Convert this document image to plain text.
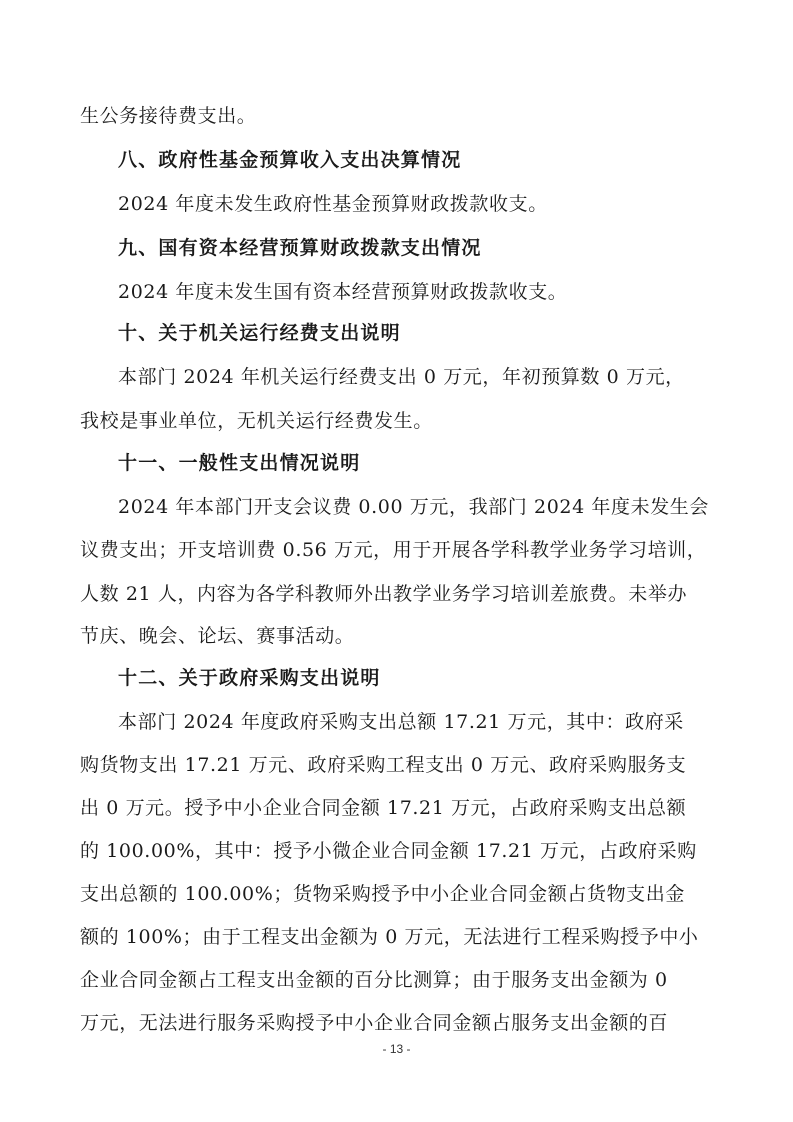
生公务接待费支出。
八、政府性基金预算收入支出决算情况
2024 年度未发生政府性基金预算财政拨款收支。
九、国有资本经营预算财政拨款支出情况
2024 年度未发生国有资本经营预算财政拨款收支。
十、关于机关运行经费支出说明
本部门 2024 年机关运行经费支出 0 万元，年初预算数 0 万元，
我校是事业单位，无机关运行经费发生。
十一、一般性支出情况说明
2024 年本部门开支会议费 0.00 万元，我部门 2024 年度未发生会
议费支出；开支培训费 0.56 万元，用于开展各学科教学业务学习培训，
人数 21 人，内容为各学科教师外出教学业务学习培训差旅费。未举办
节庆、晚会、论坛、赛事活动。
十二、关于政府采购支出说明
本部门 2024 年度政府采购支出总额 17.21 万元，其中：政府采
购货物支出 17.21 万元、政府采购工程支出 0 万元、政府采购服务支
出 0 万元。授予中小企业合同金额 17.21 万元，占政府采购支出总额
的 100.00%，其中：授予小微企业合同金额 17.21 万元，占政府采购
支出总额的 100.00%；货物采购授予中小企业合同金额占货物支出金
额的 100%；由于工程支出金额为 0 万元，无法进行工程采购授予中小
企业合同金额占工程支出金额的百分比测算；由于服务支出金额为 0
万元，无法进行服务采购授予中小企业合同金额占服务支出金额的百
- 13 -
